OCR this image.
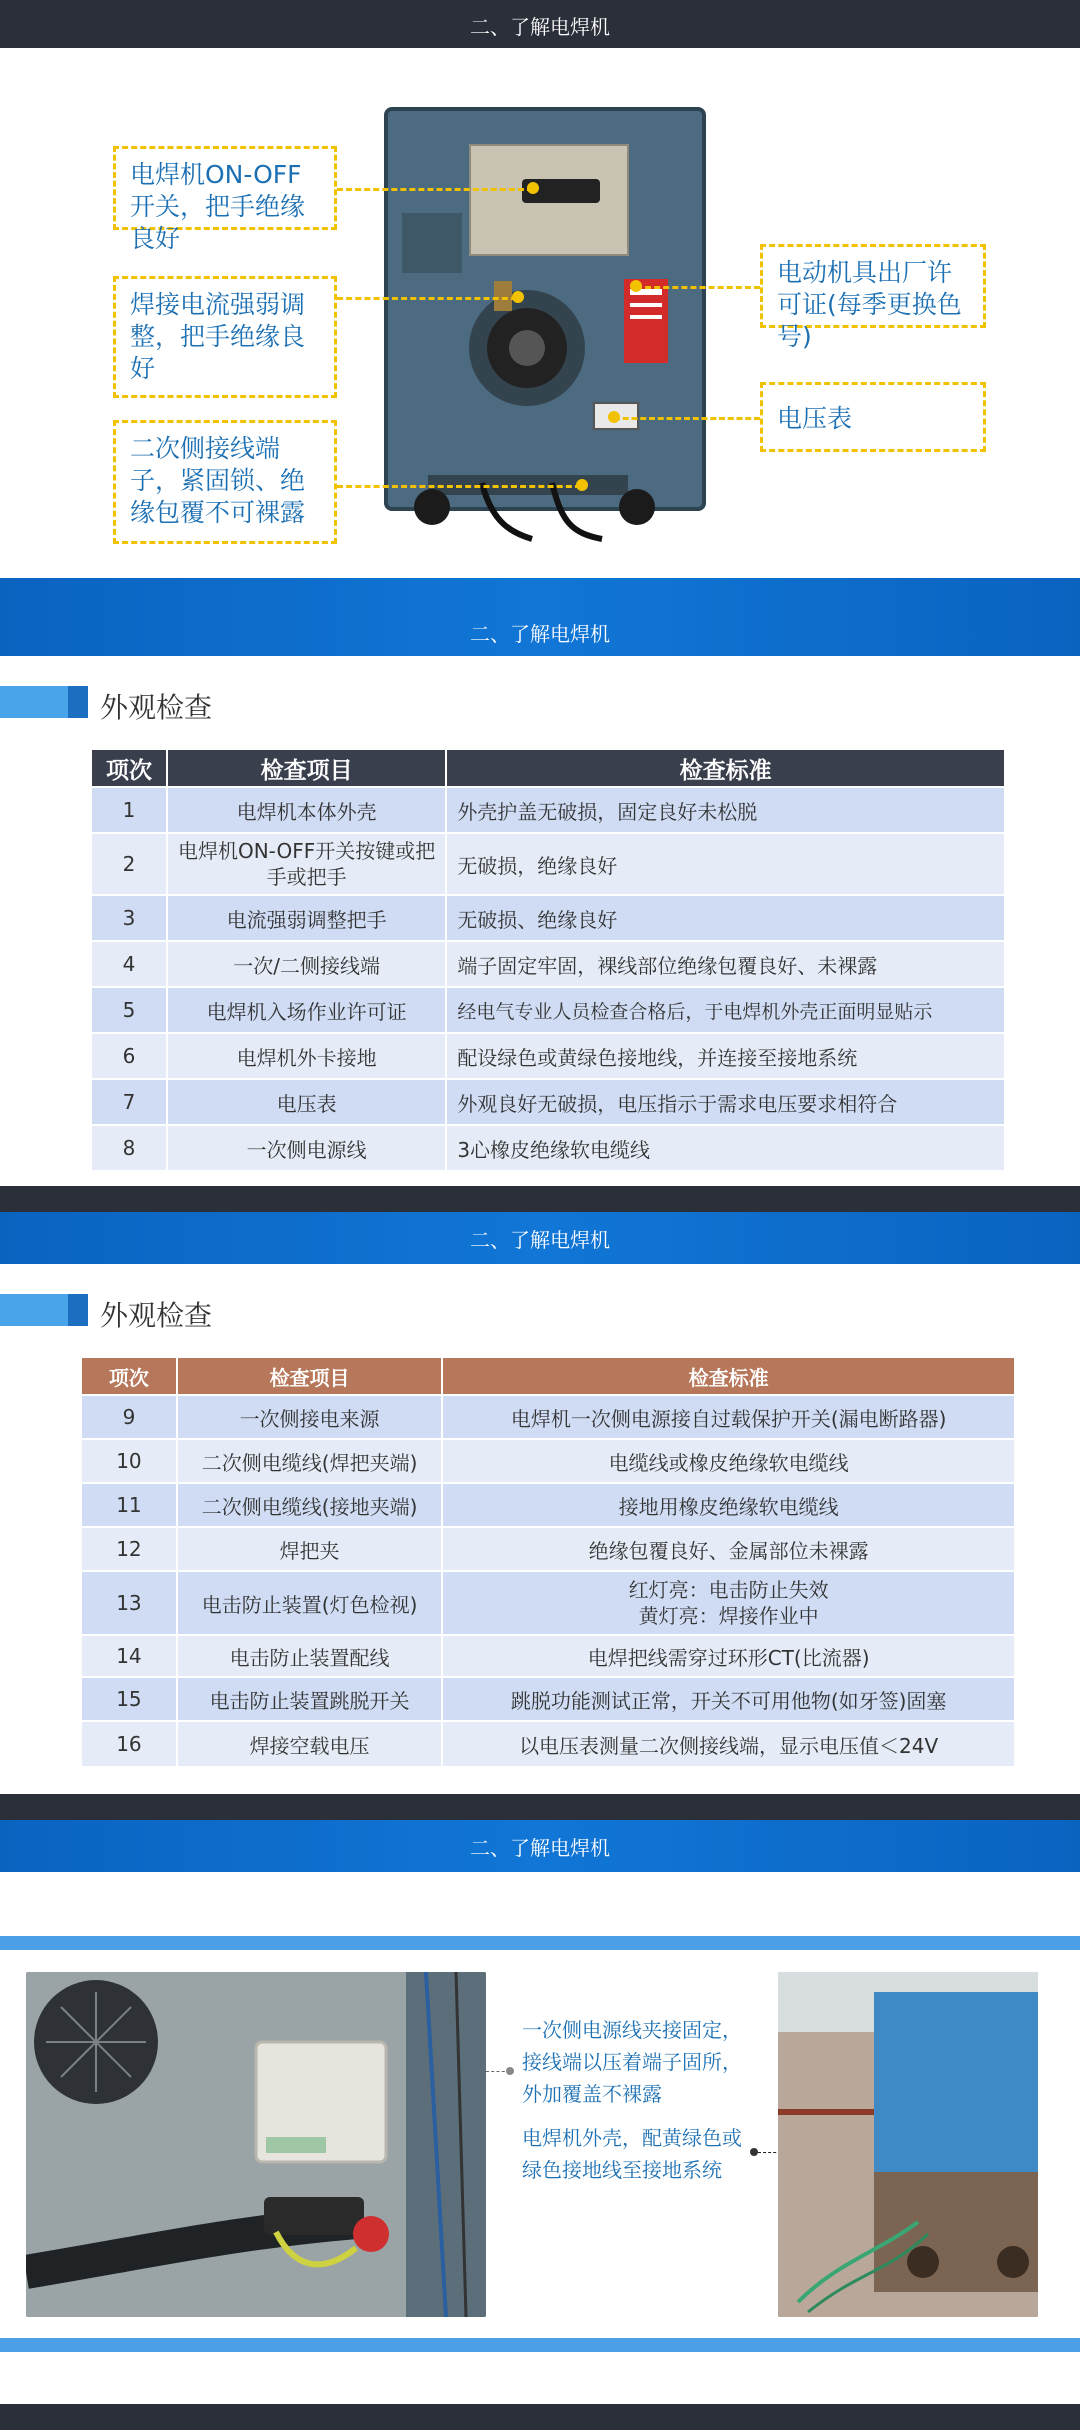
二、了解电焊机
电焊机ON-OFF开关，把手绝缘良好
焊接电流强弱调整，把手绝缘良好
二次侧接线端子，紧固锁、绝缘包覆不可裸露
电动机具出厂许可证(每季更换色号)
电压表
二、了解电焊机
外观检查
项次	检查项目	检查标准
1	电焊机本体外壳	外壳护盖无破损，固定良好未松脱
2	电焊机ON-OFF开关按键或把手或把手	无破损，绝缘良好
3	电流强弱调整把手	无破损、绝缘良好
4	一次/二侧接线端	端子固定牢固，裸线部位绝缘包覆良好、未裸露
5	电焊机入场作业许可证	经电气专业人员检查合格后，于电焊机外壳正面明显贴示
6	电焊机外卡接地	配设绿色或黄绿色接地线，并连接至接地系统
7	电压表	外观良好无破损，电压指示于需求电压要求相符合
8	一次侧电源线	3心橡皮绝缘软电缆线
二、了解电焊机
外观检查
项次	检查项目	检查标准
9	一次侧接电来源	电焊机一次侧电源接自过载保护开关(漏电断路器)
10	二次侧电缆线(焊把夹端)	电缆线或橡皮绝缘软电缆线
11	二次侧电缆线(接地夹端)	接地用橡皮绝缘软电缆线
12	焊把夹	绝缘包覆良好、金属部位未裸露
13	电击防止装置(灯色检视)	红灯亮：电击防止失效
黄灯亮：焊接作业中

14	电击防止装置配线	电焊把线需穿过环形CT(比流器)
15	电击防止装置跳脱开关	跳脱功能测试正常，开关不可用他物(如牙签)固塞
16	焊接空载电压	以电压表测量二次侧接线端，显示电压值＜24V
二、了解电焊机
一次侧电源线夹接固定，接线端以压着端子固所，外加覆盖不裸露
电焊机外壳，配黄绿色或绿色接地线至接地系统
